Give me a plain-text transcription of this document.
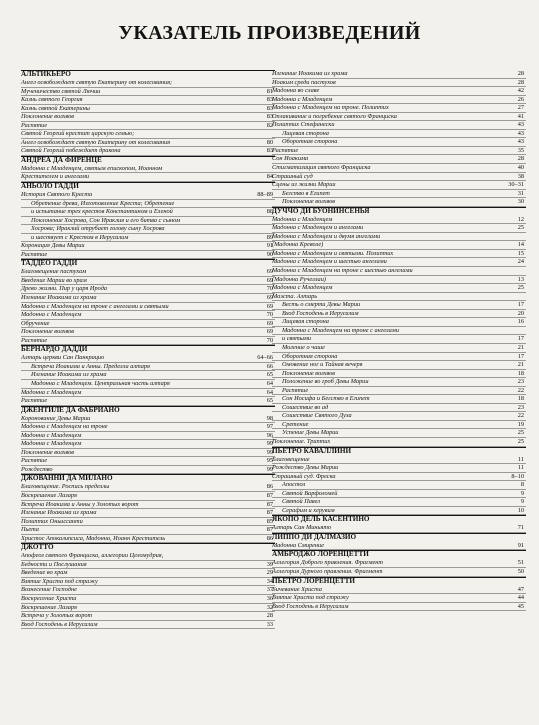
УКАЗАТЕЛЬ ПРОИЗВЕДЕНИЙ
АЛЬТИКЬЕРО
Ангел освобождает святую Екатерину от колесования;
Мученичество святой Лючии	81
Казнь святого Георгия	83
Казнь святой Екатерины	83
Поклонение волхвов	83
Распятие	82
Святой Георгий крестит царскую семью;
Ангел освобождает святую Екатерину от колесования	80
Святой Георгий побеждает дракона	83
АНДРЕА ДА ФИРЕНЦЕ
Мадонна с Младенцем, святым епископом, Иоанном
Крестителем и ангелами	84
АНЬОЛО ГАДДИ
История Святого Креста	88–89
Обретение древа, Изготовление Креста; Обретение
и испытание трех крестов Константином и Еленой	88
Поклонение Хосрова, Сон Ираклия и его битва с сыном
Хосрова; Ираклий отрубает голову сыну Хосрова
и шествует с Крестом в Иерусалим	89
Коронация Девы Марии	91
Распятие	90
ТАДДЕО ГАДДИ
Благовещение пастухам	69
Введение Марии во храм	69
Древо жизни. Пир у царя Ирода	70
Изгнание Иоакима из храма	69
Мадонна с Младенцем на троне с ангелами и святыми	69
Мадонна с Младенцем	70
Обручение	69
Поклонение волхвов	69
Распятие	70
БЕРНАРДО ДАДДИ
Алтарь церкви Сан Панкрацио	64–66
Встреча Иоакима и Анны. Пределла алтаря	66
Изгнание Иоакима из храма	65
Мадонна с Младенцем. Центральная часть алтаря	64
Мадонна с Младенцем	64
Распятие	65
ДЖЕНТИЛЕ ДА ФАБРИАНО
Коронование Девы Марии	98
Мадонна с Младенцем на троне	97
Мадонна с Младенцем	96
Мадонна с Младенцем	99
Поклонение волхвов	99
Распятие	95
Рождество	99
ДЖОВАННИ ДА МИЛАНО
Благовещение. Роспись пределлы	86
Воскрешение Лазаря	87
Встреча Иоакима и Анны у Золотых ворот	87
Изгнание Иоакима из храма	87
Полиптих Оньиссанти	85
Пьета	87
Христос Апокалипсиса, Мадонна, Иоанн Креститель	86
ДЖОТТО
Апофеоз святого Франциска, аллегории Целомудрия,
Бедности и Послушания	39
Введение во храм	29
Взятие Христа под стражу	34
Вознесение Господне	37
Воскресение Христа	36
Воскрешение Лазаря	32
Встреча у Золотых ворот	28
Вход Господень в Иерусалим	33
Изгнание Иоакима из храма	28
Иоаким среди пастухов	28
Мадонна во славе	42
Мадонна с Младенцем	26
Мадонна с Младенцем на троне. Полиптих	27
Оплакивание и погребение святого Франциска	41
Полиптих Стефанески	43
Лицевая сторона	43
Оборотная сторона	43
Распятие	35
Сон Иоакима	28
Стигматизация святого Франциска	40
Страшный суд	38
Сцены из жизни Марии	30–31
Бегство в Египет	31
Поклонение волхвов	30
ДУЧЧО ДИ БУОНИНСЕНЬЯ
Мадонна с Младенцем	12
Мадонна с Младенцем и ангелами	25
Мадонна с Младенцем и двумя ангелами
(Мадонна Креволе)	14
Мадонна с Младенцем и святыми. Полиптих	15
Мадонна с Младенцем и шестью ангелами	24
Мадонна с Младенцем на троне с шестью ангелами
(Мадонна Ручеллаи)	13
Мадонна с Младенцем	25
Маэста. Алтарь
Весть о смерти Девы Марии	17
Вход Господень в Иерусалим	20
Лицевая сторона	16
Мадонна с Младенцем на троне с ангелами
и святыми	17
Моление о чаше	21
Оборотная сторона	17
Омовение ног и Тайная вечеря	21
Поклонение волхвов	18
Положение во гроб Девы Марии	23
Распятие	22
Сон Иосифа и Бегство в Египет	18
Сошествие во ад	23
Сошествие Святого Духа	22
Сретение	19
Успение Девы Марии	25
Поклонение. Триптих	25
ПЬЕТРО КАВАЛЛИНИ
Благовещение	11
Рождество Девы Марии	11
Страшный суд. Фреска	8–10
Апостол	8
Святой Варфоломей	9
Святой Павел	9
Серафим и херувим	10
ЯКОПО ДЕЛЬ КАСЕНТИНО
Алтарь Сан Миньято	71
ЛИППО ДИ ДАЛМАЗИО
Мадонна Смирение	91
АМБРОДЖО ЛОРЕНЦЕТТИ
Аллегория Доброго правления. Фрагмент	51
Аллегория Дурного правления. Фрагмент	50
ПЬЕТРО ЛОРЕНЦЕТТИ
Бичевание Христа	47
Взятие Христа под стражу	44
Вход Господень в Иерусалим	45
